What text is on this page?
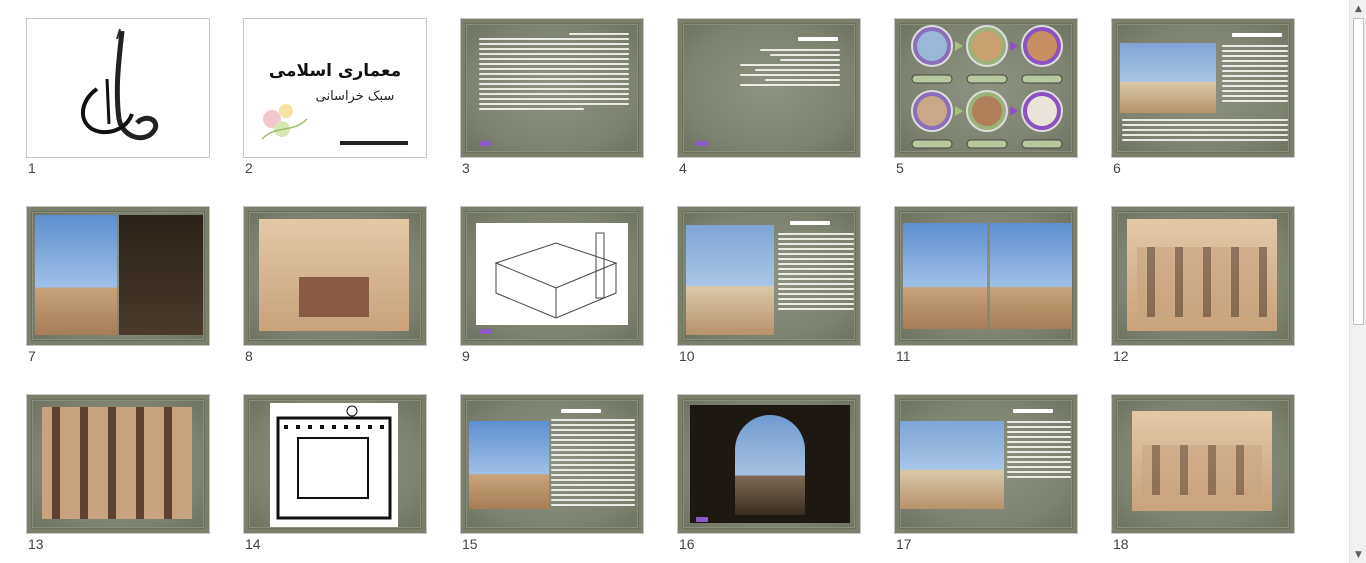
1
معماری اسلامی
سبک خراسانی
2	3	4	5	6
7	8	9	10	11	12
13	14	15	16	17	18
▲
▼
